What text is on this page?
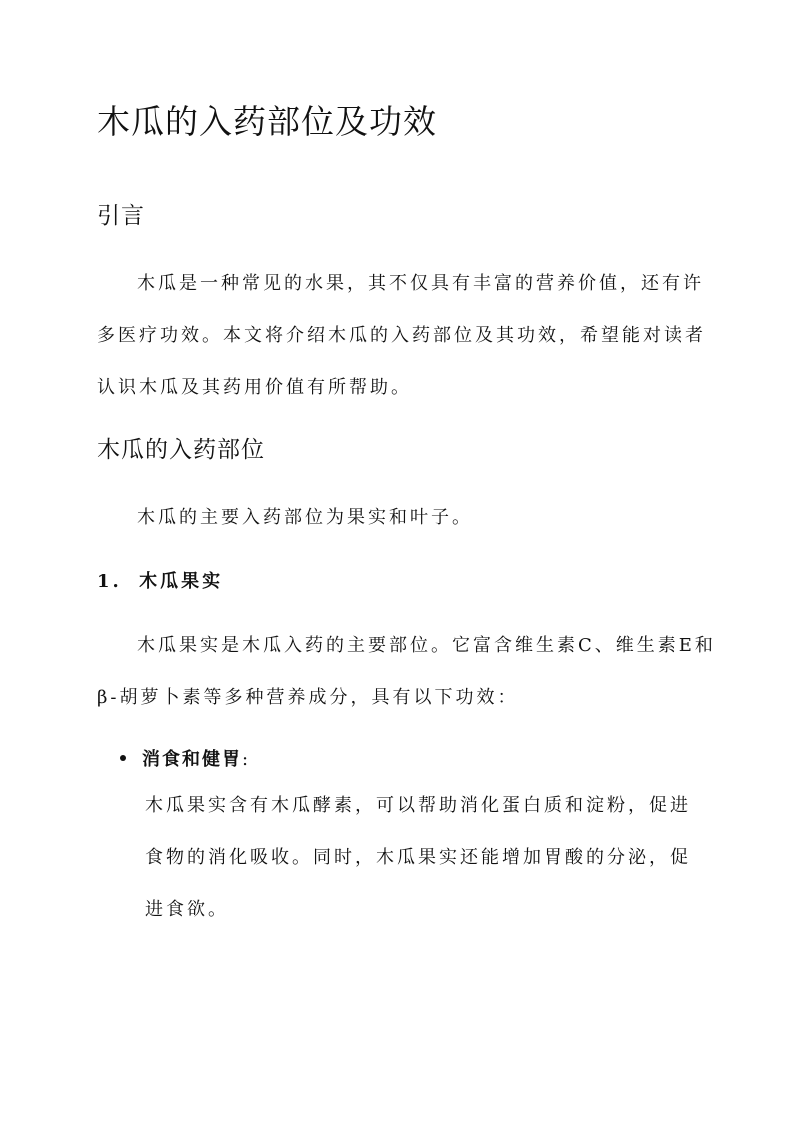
木瓜的入药部位及功效
引言
木瓜是一种常见的水果，其不仅具有丰富的营养价值，还有许
多医疗功效。本文将介绍木瓜的入药部位及其功效，希望能对读者
认识木瓜及其药用价值有所帮助。
木瓜的入药部位
木瓜的主要入药部位为果实和叶子。
1. 木瓜果实
木瓜果实是木瓜入药的主要部位。它富含维生素C、维生素E和
β-胡萝卜素等多种营养成分，具有以下功效：
消食和健胃:
木瓜果实含有木瓜酵素，可以帮助消化蛋白质和淀粉，促进
食物的消化吸收。同时，木瓜果实还能增加胃酸的分泌，促
进食欲。
